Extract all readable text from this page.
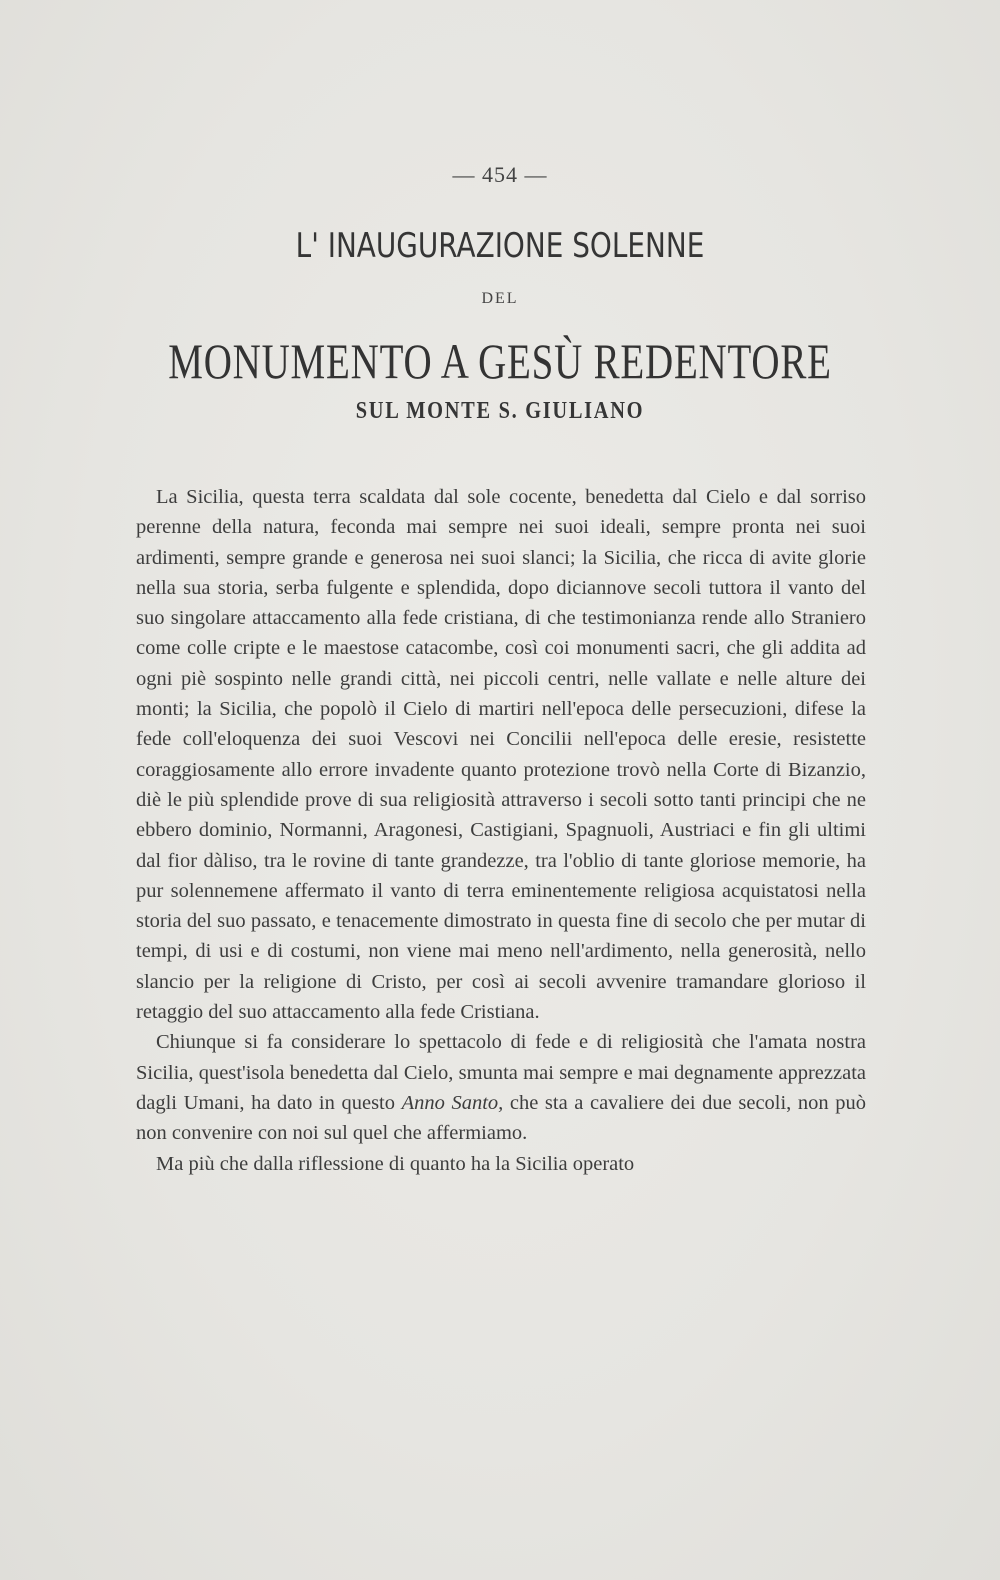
— 454 —
L' INAUGURAZIONE SOLENNE
DEL
MONUMENTO A GESÙ REDENTORE
SUL MONTE S. GIULIANO

La Sicilia, questa terra scaldata dal sole cocente, benedetta dal Cielo e dal sorriso perenne della natura, feconda mai sempre nei suoi ideali, sempre pronta nei suoi ardimenti, sempre grande e generosa nei suoi slanci; la Sicilia, che ricca di avite glorie nella sua storia, serba fulgente e splendida, dopo diciannove secoli tuttora il vanto del suo singolare attaccamento alla fede cristiana, di che testimonianza rende allo Straniero come colle cripte e le maestose catacombe, così coi monumenti sacri, che gli addita ad ogni piè sospinto nelle grandi città, nei piccoli centri, nelle vallate e nelle alture dei monti; la Sicilia, che popolò il Cielo di martiri nell'epoca delle persecuzioni, difese la fede coll'eloquenza dei suoi Vescovi nei Concilii nell'epoca delle eresie, resistette coraggiosamente allo errore invadente quanto protezione trovò nella Corte di Bizanzio, diè le più splendide prove di sua religiosità attraverso i secoli sotto tanti principi che ne ebbero dominio, Normanni, Aragonesi, Castigiani, Spagnuoli, Austriaci e fin gli ultimi dal fior dàliso, tra le rovine di tante grandezze, tra l'oblio di tante gloriose memorie, ha pur solennemene affermato il vanto di terra eminentemente religiosa acquistatosi nella storia del suo passato, e tenacemente dimostrato in questa fine di secolo che per mutar di tempi, di usi e di costumi, non viene mai meno nell'ardimento, nella generosità, nello slancio per la religione di Cristo, per così ai secoli avvenire tramandare glorioso il retaggio del suo attaccamento alla fede Cristiana.

Chiunque si fa considerare lo spettacolo di fede e di religiosità che l'amata nostra Sicilia, quest'isola benedetta dal Cielo, smunta mai sempre e mai degnamente apprezzata dagli Umani, ha dato in questo Anno Santo, che sta a cavaliere dei due secoli, non può non convenire con noi sul quel che affermiamo.

Ma più che dalla riflessione di quanto ha la Sicilia operato
